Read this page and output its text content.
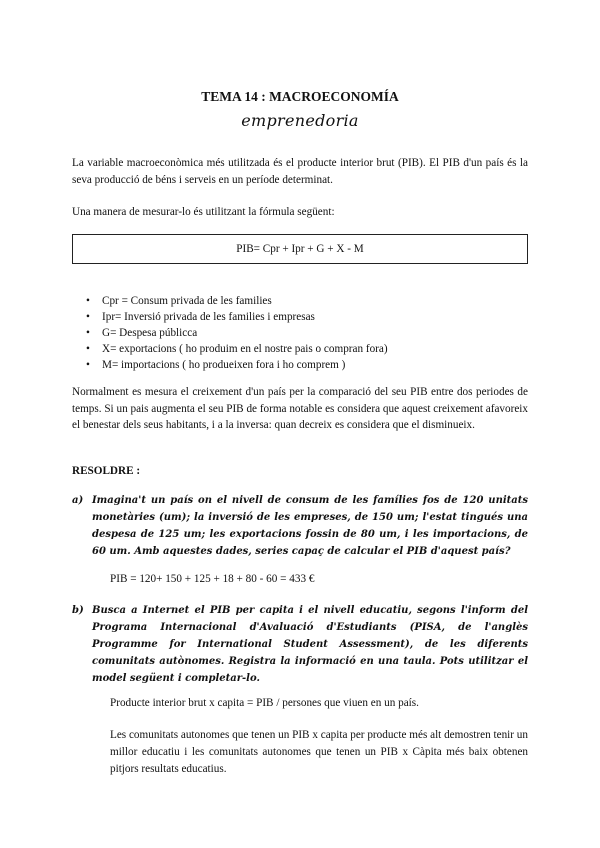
TEMA 14 : MACROECONOMÍA
emprenedoria
La variable macroeconòmica més utilitzada és el producte interior brut (PIB). El PIB d'un país és la seva producció de béns i serveis en un període determinat.
Una manera de mesurar-lo és utilitzant la fórmula següent:
PIB= Cpr + Ipr + G + X - M
• Cpr = Consum privada de les families
• Ipr= Inversió privada de les families i empresas
• G= Despesa públicca
• X= exportacions ( ho produim en el nostre pais o compran fora)
• M= importacions ( ho produeixen fora i ho comprem )
Normalment es mesura el creixement d'un país per la comparació del seu PIB entre dos periodes de temps. Si un pais augmenta el seu PIB de forma notable es considera que aquest creixement afavoreix el benestar dels seus habitants, i a la inversa: quan decreix es considera que el disminueix.
RESOLDRE :
a) Imagina't un país on el nivell de consum de les famílies fos de 120 unitats monetàries (um); la inversió de les empreses, de 150 um; l'estat tingués una despesa de 125 um; les exportacions fossin de 80 um, i les importacions, de 60 um. Amb aquestes dades, series capaç de calcular el PIB d'aquest país?
PIB = 120+ 150 + 125 + 18 + 80 - 60 = 433 €
b) Busca a Internet el PIB per capita i el nivell educatiu, segons l'inform del Programa Internacional d'Avaluació d'Estudiants (PISA, de l'anglès Programme for International Student Assessment), de les diferents comunitats autònomes. Registra la informació en una taula. Pots utilitzar el model següent i completar-lo.
Producte interior brut x capita = PIB / persones que viuen en un país.
Les comunitats autonomes que tenen un PIB x capita per producte més alt demostren tenir un millor educatiu i les comunitats autonomes que tenen un PIB x Càpita més baix obtenen pitjors resultats educatius.
